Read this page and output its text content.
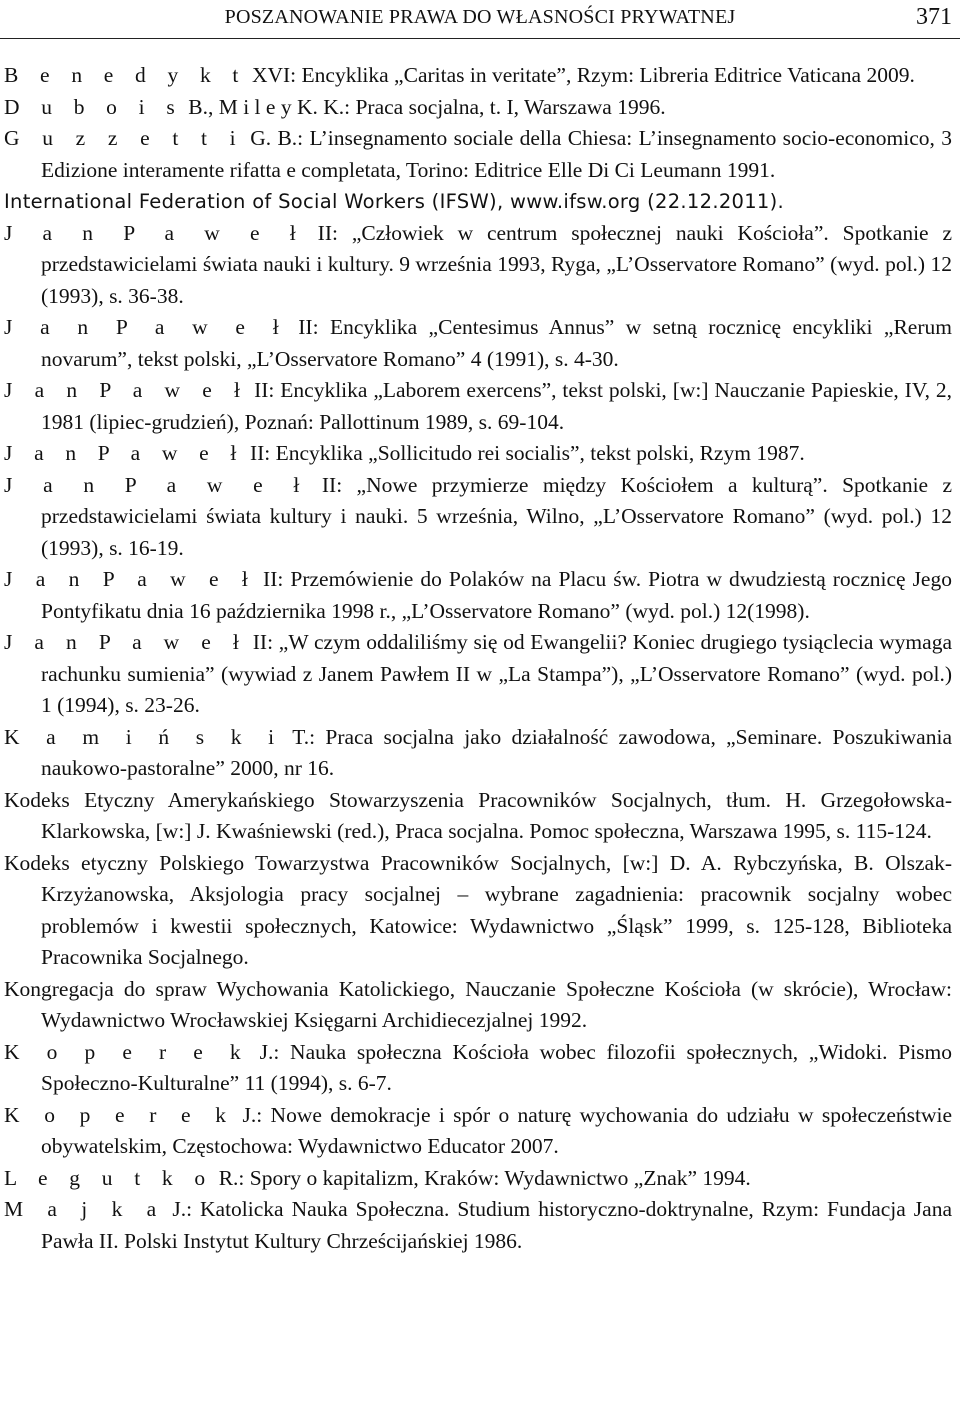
POSZANOWANIE PRAWA DO WŁASNOŚCI PRYWATNEJ	371
B e n e d y k t XVI: Encyklika „Caritas in veritate”, Rzym: Libreria Editrice Vaticana 2009.
D u b o i s B., M i l e y K. K.: Praca socjalna, t. I, Warszawa 1996.
G u z z e t t i G. B.: L’insegnamento sociale della Chiesa: L’insegnamento socio-economico, 3 Edizione interamente rifatta e completata, Torino: Editrice Elle Di Ci Leumann 1991.
International Federation of Social Workers (IFSW), www.ifsw.org (22.12.2011).
J a n P a w e ł II: „Człowiek w centrum społecznej nauki Kościoła”. Spotkanie z przedstawicielami świata nauki i kultury. 9 września 1993, Ryga, „L’Osservatore Romano” (wyd. pol.) 12 (1993), s. 36-38.
J a n P a w e ł II: Encyklika „Centesimus Annus” w setną rocznicę encykliki „Rerum novarum”, tekst polski, „L’Osservatore Romano” 4 (1991), s. 4-30.
J a n P a w e ł II: Encyklika „Laborem exercens”, tekst polski, [w:] Nauczanie Papieskie, IV, 2, 1981 (lipiec-grudzień), Poznań: Pallottinum 1989, s. 69-104.
J a n P a w e ł II: Encyklika „Sollicitudo rei socialis”, tekst polski, Rzym 1987.
J a n P a w e ł II: „Nowe przymierze między Kościołem a kulturą”. Spotkanie z przedstawicielami świata kultury i nauki. 5 września, Wilno, „L’Osservatore Romano” (wyd. pol.) 12 (1993), s. 16-19.
J a n P a w e ł II: Przemówienie do Polaków na Placu św. Piotra w dwudziestą rocznicę Jego Pontyfikatu dnia 16 października 1998 r., „L’Osservatore Romano” (wyd. pol.) 12(1998).
J a n P a w e ł II: „W czym oddaliliśmy się od Ewangelii? Koniec drugiego tysiąclecia wymaga rachunku sumienia” (wywiad z Janem Pawłem II w „La Stampa”), „L’Osservatore Romano” (wyd. pol.) 1 (1994), s. 23-26.
K a m i ń s k i T.: Praca socjalna jako działalność zawodowa, „Seminare. Poszukiwania naukowo-pastoralne” 2000, nr 16.
Kodeks Etyczny Amerykańskiego Stowarzyszenia Pracowników Socjalnych, tłum. H. Grzegołowska-Klarkowska, [w:] J. Kwaśniewski (red.), Praca socjalna. Pomoc społeczna, Warszawa 1995, s. 115-124.
Kodeks etyczny Polskiego Towarzystwa Pracowników Socjalnych, [w:] D. A. Rybczyńska, B. Olszak-Krzyżanowska, Aksjologia pracy socjalnej – wybrane zagadnienia: pracownik socjalny wobec problemów i kwestii społecznych, Katowice: Wydawnictwo „Śląsk” 1999, s. 125-128, Biblioteka Pracownika Socjalnego.
Kongregacja do spraw Wychowania Katolickiego, Nauczanie Społeczne Kościoła (w skrócie), Wrocław: Wydawnictwo Wrocławskiej Księgarni Archidiecezjalnej 1992.
K o p e r e k J.: Nauka społeczna Kościoła wobec filozofii społecznych, „Widoki. Pismo Społeczno-Kulturalne” 11 (1994), s. 6-7.
K o p e r e k J.: Nowe demokracje i spór o naturę wychowania do udziału w społeczeństwie obywatelskim, Częstochowa: Wydawnictwo Educator 2007.
L e g u t k o R.: Spory o kapitalizm, Kraków: Wydawnictwo „Znak” 1994.
M a j k a J.: Katolicka Nauka Społeczna. Studium historyczno-doktrynalne, Rzym: Fundacja Jana Pawła II. Polski Instytut Kultury Chrześcijańskiej 1986.
